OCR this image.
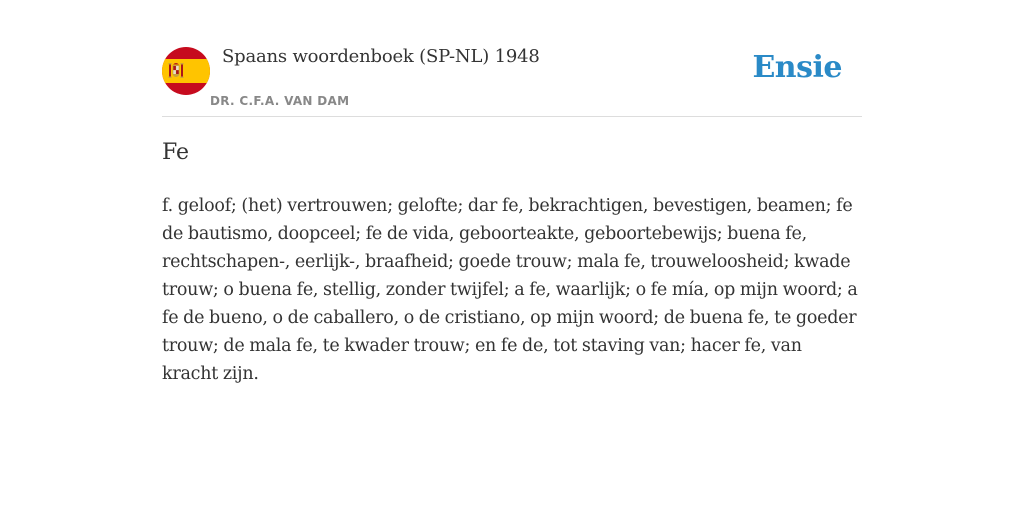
Spaans woordenboek (SP-NL) 1948
DR. C.F.A. VAN DAM
Ensie
Fe
f. geloof; (het) vertrouwen; gelofte; dar fe, bekrachtigen, bevestigen, beamen; fe de bautismo, doopceel; fe de vida, geboorteakte, geboortebewijs; buena fe, rechtschapen-, eerlijk-, braafheid; goede trouw; mala fe, trouweloosheid; kwade trouw; o buena fe, stellig, zonder twijfel; a fe, waarlijk; o fe mía, op mijn woord; a fe de bueno, o de caballero, o de cristiano, op mijn woord; de buena fe, te goeder trouw; de mala fe, te kwader trouw; en fe de, tot staving van; hacer fe, van kracht zijn.
